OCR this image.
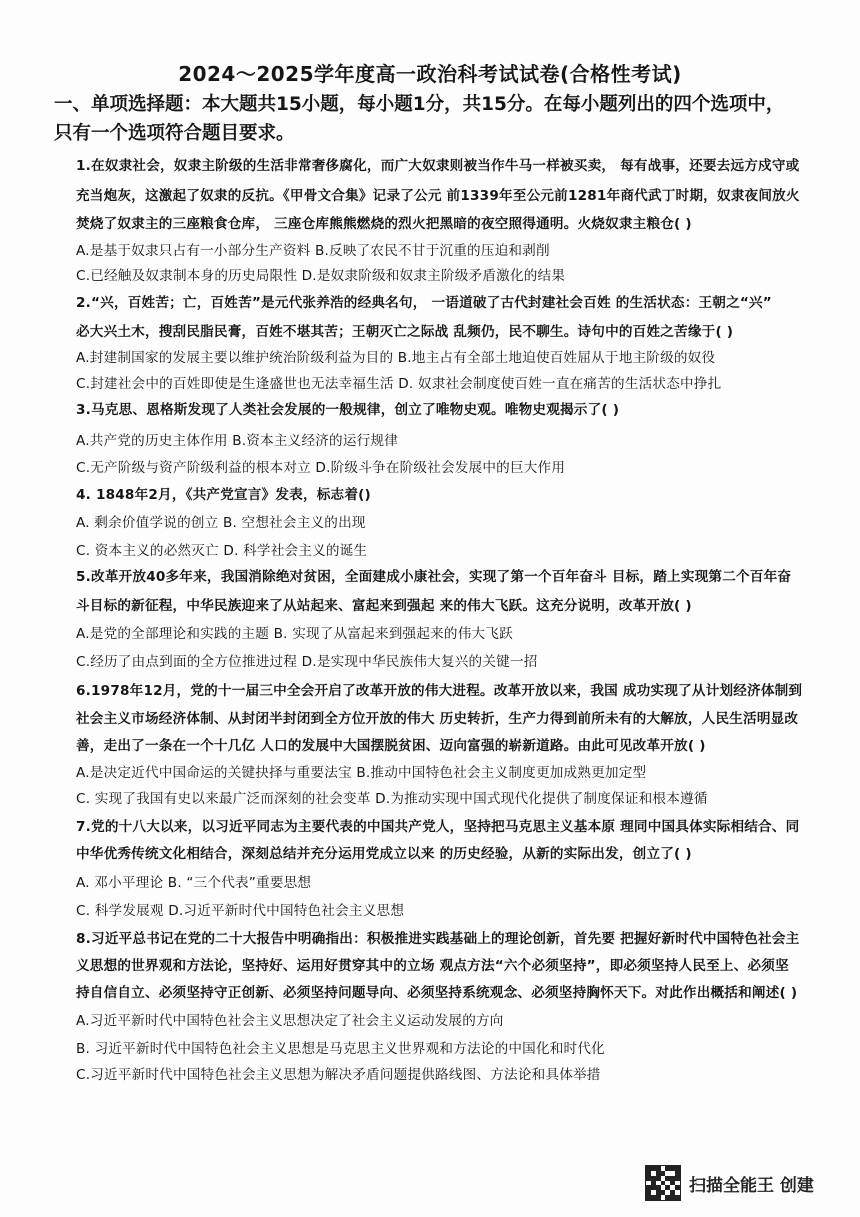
2024～2025学年度高一政治科考试试卷(合格性考试)
一、单项选择题：本大题共15小题，每小题1分，共15分。在每小题列出的四个选项中，
只有一个选项符合题目要求。
1.在奴隶社会，奴隶主阶级的生活非常奢侈腐化，而广大奴隶则被当作牛马一样被买卖， 每有战事，还要去远方戍守或
充当炮灰，这激起了奴隶的反抗。《甲骨文合集》记录了公元 前1339年至公元前1281年商代武丁时期，奴隶夜间放火
焚烧了奴隶主的三座粮食仓库， 三座仓库熊熊燃烧的烈火把黑暗的夜空照得通明。火烧奴隶主粮仓( )
A.是基于奴隶只占有一小部分生产资料 B.反映了农民不甘于沉重的压迫和剥削
C.已经触及奴隶制本身的历史局限性 D.是奴隶阶级和奴隶主阶级矛盾激化的结果
2.“兴，百姓苦；亡，百姓苦”是元代张养浩的经典名句， 一语道破了古代封建社会百姓 的生活状态：王朝之“兴”
必大兴土木，搜刮民脂民膏，百姓不堪其苦；王朝灭亡之际战 乱频仍，民不聊生。诗句中的百姓之苦缘于( )
A.封建制国家的发展主要以维护统治阶级利益为目的 B.地主占有全部土地迫使百姓屈从于地主阶级的奴役
C.封建社会中的百姓即使是生逢盛世也无法幸福生活 D. 奴隶社会制度使百姓一直在痛苦的生活状态中挣扎
3.马克思、恩格斯发现了人类社会发展的一般规律，创立了唯物史观。唯物史观揭示了( )
A.共产党的历史主体作用 B.资本主义经济的运行规律
C.无产阶级与资产阶级利益的根本对立 D.阶级斗争在阶级社会发展中的巨大作用
4. 1848年2月，《共产党宣言》发表，标志着()
A. 剩余价值学说的创立 B. 空想社会主义的出现
C. 资本主义的必然灭亡 D. 科学社会主义的诞生
5.改革开放40多年来，我国消除绝对贫困，全面建成小康社会，实现了第一个百年奋斗 目标，踏上实现第二个百年奋
斗目标的新征程，中华民族迎来了从站起来、富起来到强起 来的伟大飞跃。这充分说明，改革开放( )
A.是党的全部理论和实践的主题 B. 实现了从富起来到强起来的伟大飞跃
C.经历了由点到面的全方位推进过程 D.是实现中华民族伟大复兴的关键一招
6.1978年12月，党的十一届三中全会开启了改革开放的伟大进程。改革开放以来，我国 成功实现了从计划经济体制到
社会主义市场经济体制、从封闭半封闭到全方位开放的伟大 历史转折，生产力得到前所未有的大解放，人民生活明显改
善，走出了一条在一个十几亿 人口的发展中大国摆脱贫困、迈向富强的崭新道路。由此可见改革开放( )
A.是决定近代中国命运的关键抉择与重要法宝 B.推动中国特色社会主义制度更加成熟更加定型
C. 实现了我国有史以来最广泛而深刻的社会变革 D.为推动实现中国式现代化提供了制度保证和根本遵循
7.党的十八大以来，以习近平同志为主要代表的中国共产党人，坚持把马克思主义基本原 理同中国具体实际相结合、同
中华优秀传统文化相结合，深刻总结并充分运用党成立以来 的历史经验，从新的实际出发，创立了( )
A. 邓小平理论 B. “三个代表”重要思想
C. 科学发展观 D.习近平新时代中国特色社会主义思想
8.习近平总书记在党的二十大报告中明确指出：积极推进实践基础上的理论创新，首先要 把握好新时代中国特色社会主
义思想的世界观和方法论，坚持好、运用好贯穿其中的立场 观点方法“六个必须坚持”，即必须坚持人民至上、必须坚
持自信自立、必须坚持守正创新、必须坚持问题导向、必须坚持系统观念、必须坚持胸怀天下。对此作出概括和阐述( )
A.习近平新时代中国特色社会主义思想决定了社会主义运动发展的方向
B. 习近平新时代中国特色社会主义思想是马克思主义世界观和方法论的中国化和时代化
C.习近平新时代中国特色社会主义思想为解决矛盾问题提供路线图、方法论和具体举措
扫描全能王 创建
